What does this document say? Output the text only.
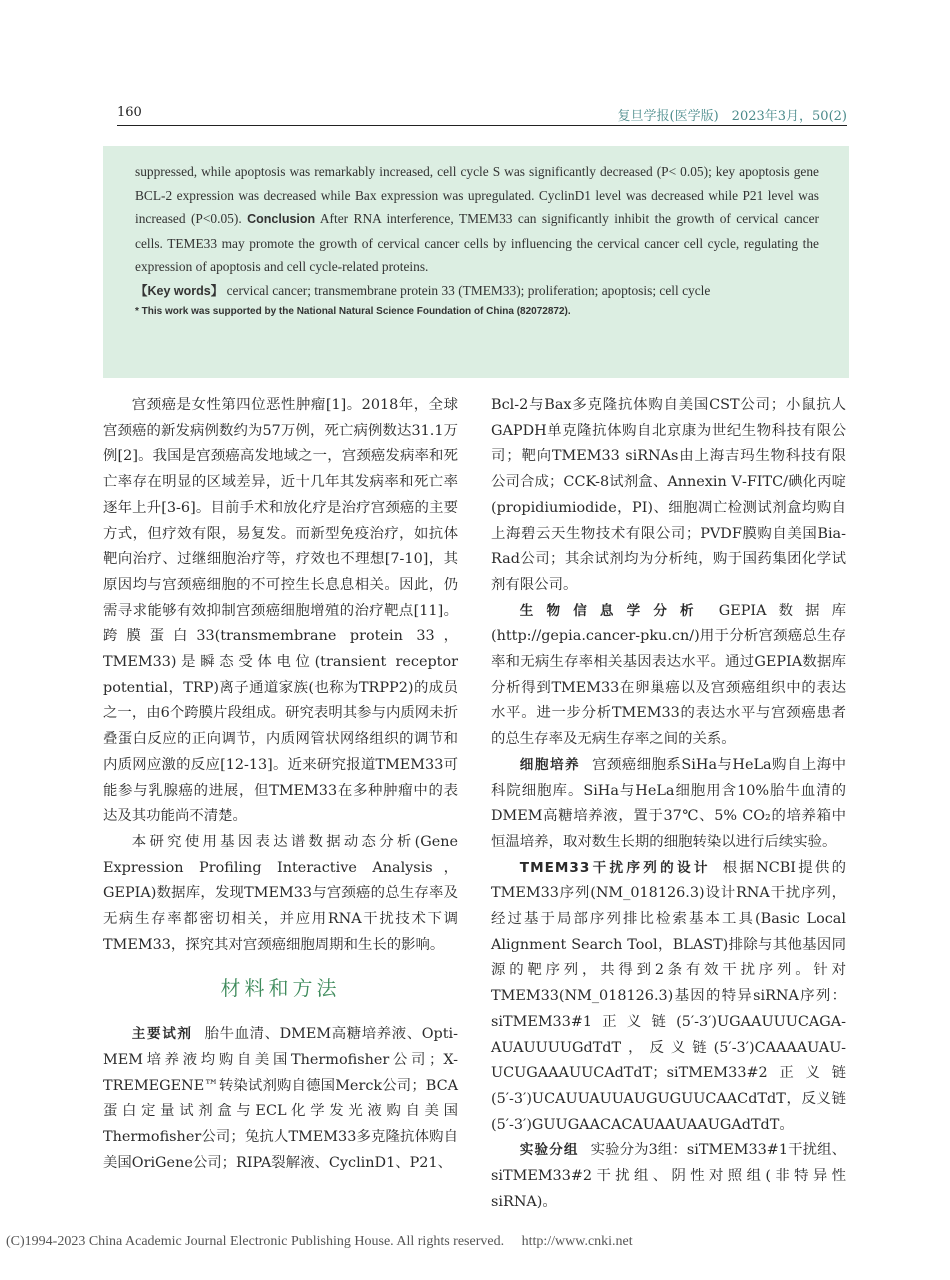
160	复旦学报(医学版)　2023年3月，50(2)

suppressed, while apoptosis was remarkably increased, cell cycle S was significantly decreased (P< 0.05); key apoptosis gene BCL-2 expression was decreased while Bax expression was upregulated. CyclinD1 level was decreased while P21 level was increased (P<0.05). Conclusion After RNA interference, TMEM33 can significantly inhibit the growth of cervical cancer cells. TEME33 may promote the growth of cervical cancer cells by influencing the cervical cancer cell cycle, regulating the expression of apoptosis and cell cycle-related proteins.

【Key words】 cervical cancer; transmembrane protein 33 (TMEM33); proliferation; apoptosis; cell cycle

* This work was supported by the National Natural Science Foundation of China (82072872).

宫颈癌是女性第四位恶性肿瘤[1]。2018年，全球宫颈癌的新发病例数约为57万例，死亡病例数达31.1万例[2]。我国是宫颈癌高发地域之一，宫颈癌发病率和死亡率存在明显的区域差异，近十几年其发病率和死亡率逐年上升[3-6]。目前手术和放化疗是治疗宫颈癌的主要方式，但疗效有限，易复发。而新型免疫治疗，如抗体靶向治疗、过继细胞治疗等，疗效也不理想[7-10]，其原因均与宫颈癌细胞的不可控生长息息相关。因此，仍需寻求能够有效抑制宫颈癌细胞增殖的治疗靶点[11]。跨膜蛋白33(transmembrane protein 33，TMEM33)是瞬态受体电位(transient receptor potential，TRP)离子通道家族(也称为TRPP2)的成员之一，由6个跨膜片段组成。研究表明其参与内质网未折叠蛋白反应的正向调节，内质网管状网络组织的调节和内质网应激的反应[12-13]。近来研究报道TMEM33可能参与乳腺癌的进展，但TMEM33在多种肿瘤中的表达及其功能尚不清楚。

本研究使用基因表达谱数据动态分析(Gene Expression Profiling Interactive Analysis，GEPIA)数据库，发现TMEM33与宫颈癌的总生存率及无病生存率都密切相关，并应用RNA干扰技术下调TMEM33，探究其对宫颈癌细胞周期和生长的影响。

材料和方法

主要试剂 胎牛血清、DMEM高糖培养液、Opti-MEM培养液均购自美国Thermofisher公司；X-TREMEGENE™转染试剂购自德国Merck公司；BCA蛋白定量试剂盒与ECL化学发光液购自美国Thermofisher公司；兔抗人TMEM33多克隆抗体购自美国OriGene公司；RIPA裂解液、CyclinD1、P21、

Bcl-2与Bax多克隆抗体购自美国CST公司；小鼠抗人GAPDH单克隆抗体购自北京康为世纪生物科技有限公司；靶向TMEM33 siRNAs由上海吉玛生物科技有限公司合成；CCK-8试剂盒、Annexin Ⅴ-FITC/碘化丙啶(propidiumiodide，PI)、细胞凋亡检测试剂盒均购自上海碧云天生物技术有限公司；PVDF膜购自美国Bia-Rad公司；其余试剂均为分析纯，购于国药集团化学试剂有限公司。

生物信息学分析 GEPIA数据库(http://gepia.cancer-pku.cn/)用于分析宫颈癌总生存率和无病生存率相关基因表达水平。通过GEPIA数据库分析得到TMEM33在卵巢癌以及宫颈癌组织中的表达水平。进一步分析TMEM33的表达水平与宫颈癌患者的总生存率及无病生存率之间的关系。

细胞培养 宫颈癌细胞系SiHa与HeLa购自上海中科院细胞库。SiHa与HeLa细胞用含10%胎牛血清的DMEM高糖培养液，置于37℃、5% CO₂的培养箱中恒温培养，取对数生长期的细胞转染以进行后续实验。

TMEM33干扰序列的设计 根据NCBI提供的TMEM33序列(NM_018126.3)设计RNA干扰序列，经过基于局部序列排比检索基本工具(Basic Local Alignment Search Tool，BLAST)排除与其他基因同源的靶序列，共得到2条有效干扰序列。针对TMEM33(NM_018126.3)基因的特异siRNA序列：siTMEM33#1正义链(5′-3′)UGAAUUUCAGA-AUAUUUUGdTdT，反义链(5′-3′)CAAAAUAU-UCUGAAAUUCAdTdT；siTMEM33#2正义链(5′-3′)UCAUUAUUAUGUGUUCAACdTdT，反义链(5′-3′)GUUGAACACAUAAUAAUGAdTdT。

实验分组 实验分为3组：siTMEM33#1干扰组、siTMEM33#2干扰组、阴性对照组(非特异性siRNA)。

(C)1994-2023 China Academic Journal Electronic Publishing House. All rights reserved. http://www.cnki.net
